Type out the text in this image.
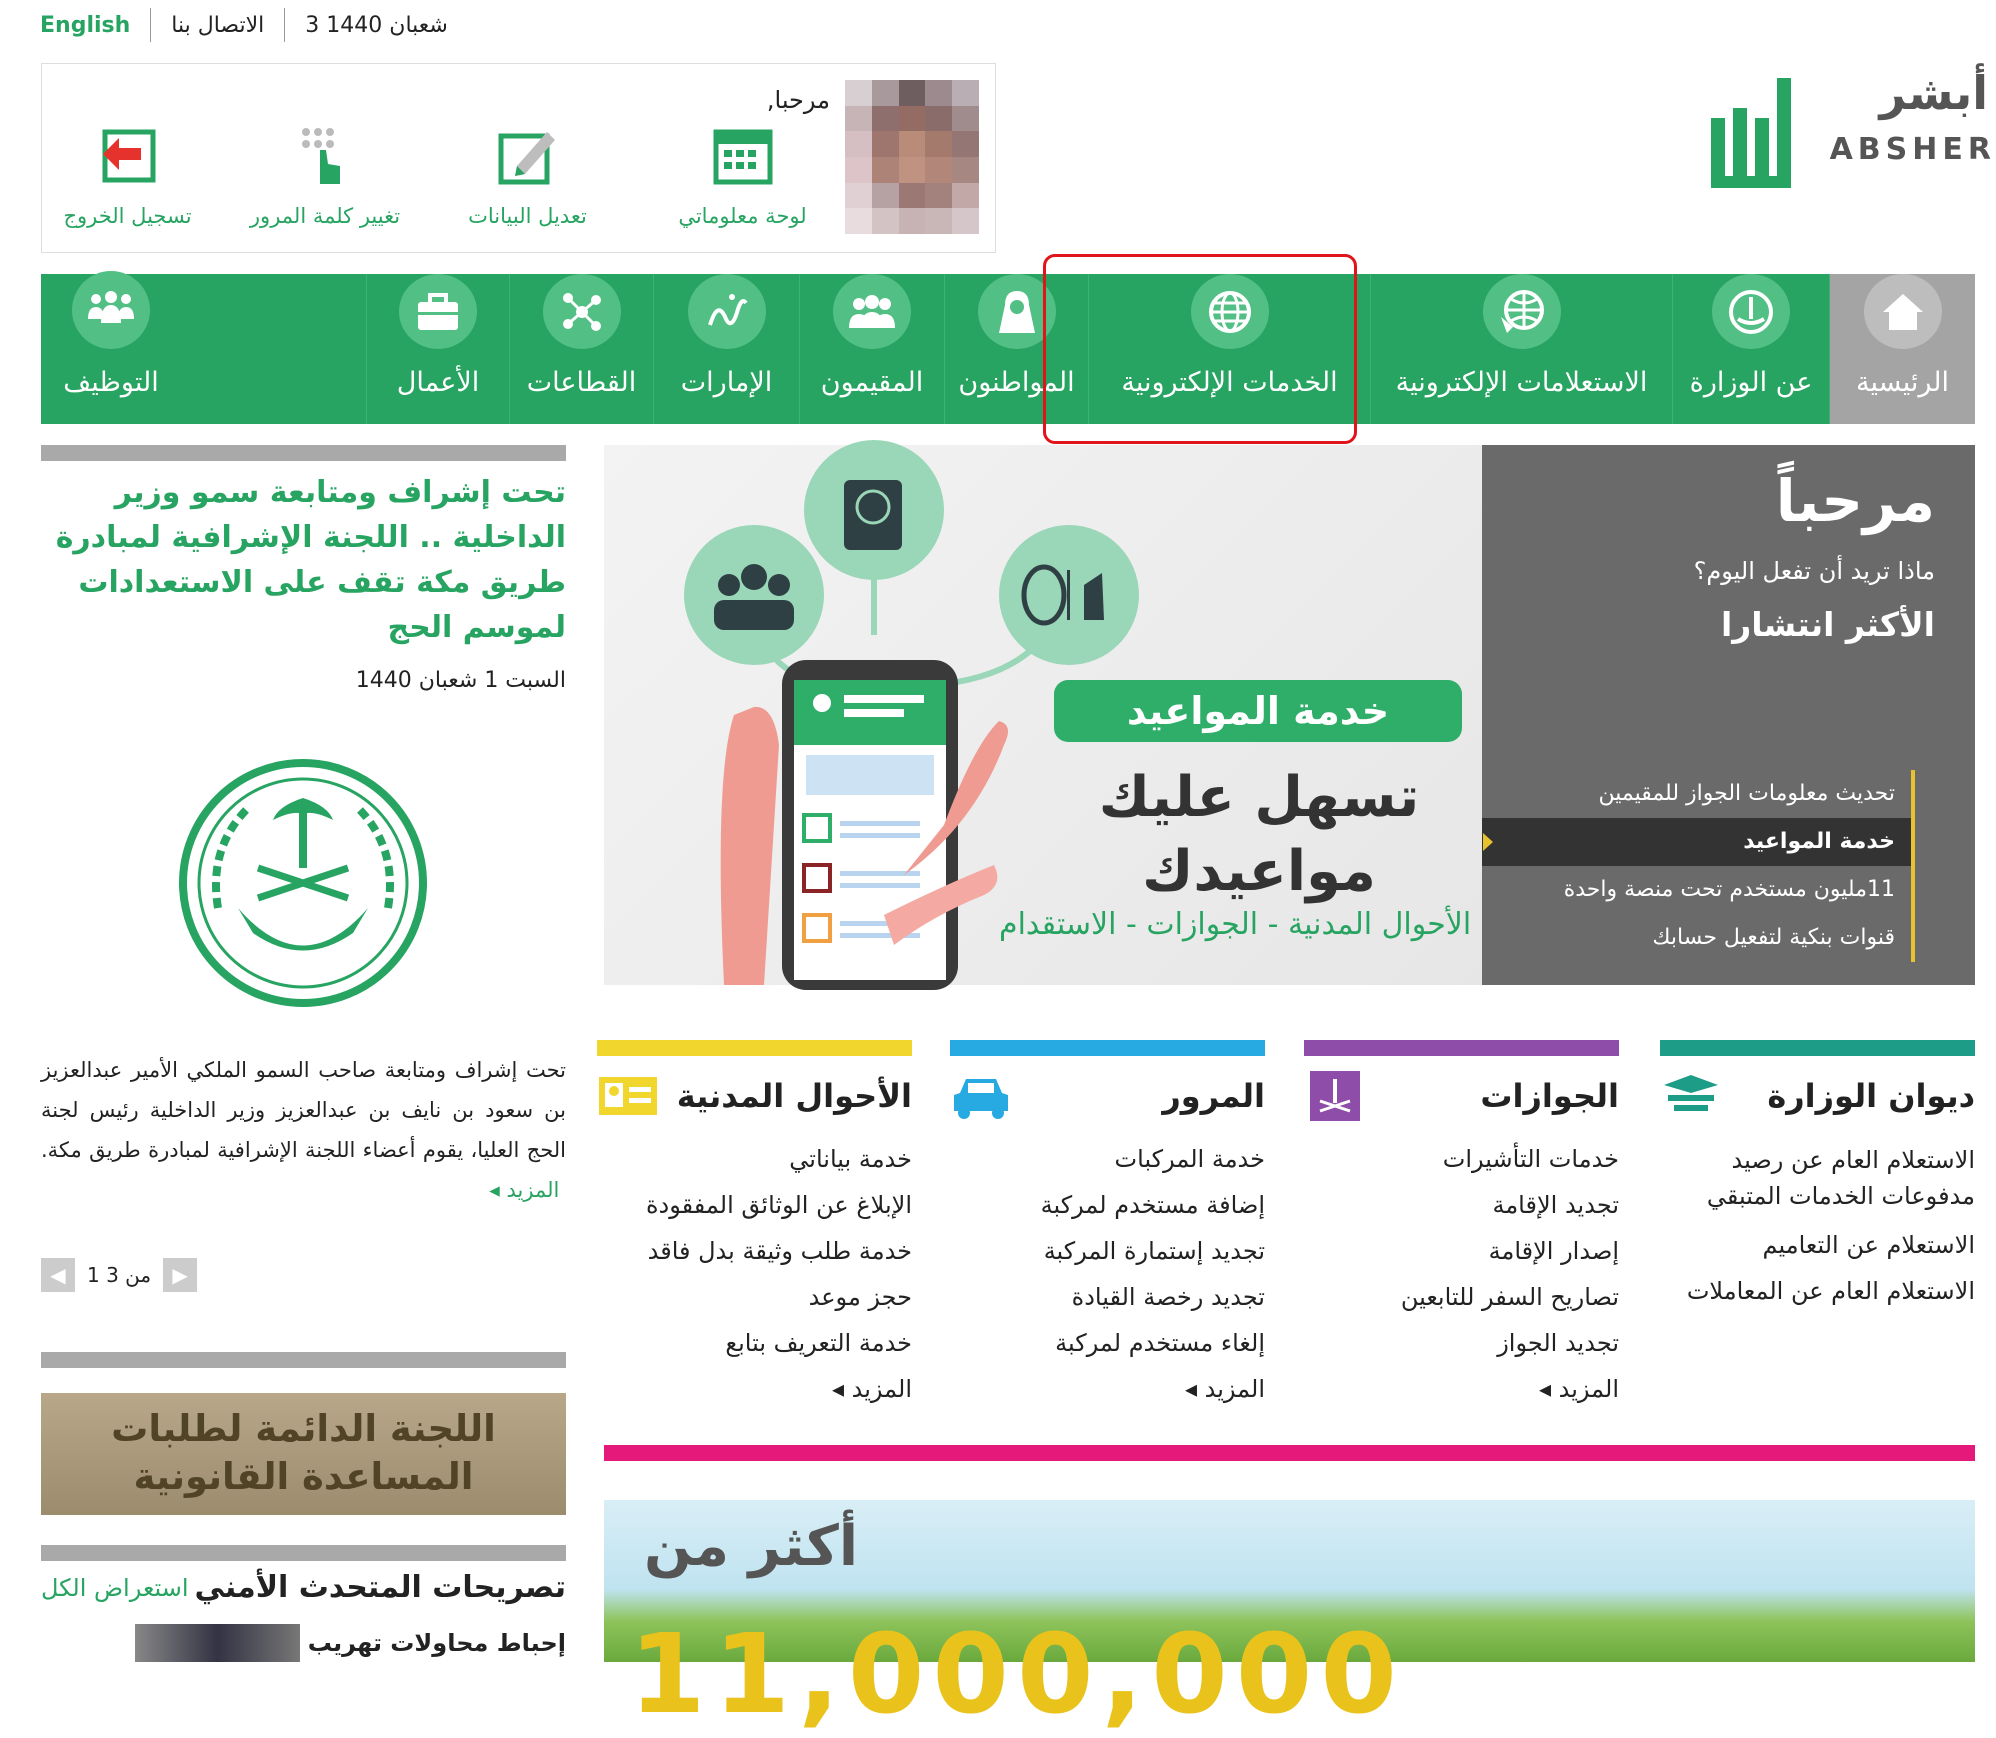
English	الاتصال بنا	3 شعبان 1440
أبشر
ABSHER
مرحبا,
لوحة معلوماتي
تعديل البيانات
تغيير كلمة المرور
تسجيل الخروج
الرئيسية
عن الوزارة
الاستعلامات الإلكترونية
الخدمات الإلكترونية
المواطنون
المقيمون
الإمارات
القطاعات
الأعمال
التوظيف
خدمة المواعيد
تسهل عليك مواعيدك
الأحوال المدنية - الجوازات - الاستقدام
مرحباً
ماذا تريد أن تفعل اليوم؟
الأكثر انتشارا
تحديث معلومات الجواز للمقيمين
خدمة المواعيد
11مليون مستخدم تحت منصة واحدة
قنوات بنكية لتفعيل حسابك
تحت إشراف ومتابعة سمو وزير الداخلية .. اللجنة الإشرافية لمبادرة طريق مكة تقف على الاستعدادات لموسم الحج
السبت 1 شعبان 1440
تحت إشراف ومتابعة صاحب السمو الملكي الأمير عبدالعزيز بن سعود بن نايف بن عبدالعزيز وزير الداخلية رئيس لجنة الحج العليا، يقوم أعضاء اللجنة الإشرافية لمبادرة طريق مكة.  المزيد ◂
◀	1 من 3	▶
اللجنة الدائمة لطلبات المساعدة القانونية
تصريحات المتحدث الأمني
استعراض الكل
إحباط محاولات تهريب
ديوان الوزارة
الاستعلام العام عن رصيد مدفوعات الخدمات المتبقي
الاستعلام عن التعاميم
الاستعلام العام عن المعاملات
الجوازات
خدمات التأشيرات
تجديد الإقامة
إصدار الإقامة
تصاريح السفر للتابعين
تجديد الجواز
المزيد ◂
المرور
خدمة المركبات
إضافة مستخدم لمركبة
تجديد إستمارة المركبة
تجديد رخصة القيادة
إلغاء مستخدم لمركبة
المزيد ◂
الأحوال المدنية
خدمة بياناتي
الإبلاغ عن الوثائق المفقودة
خدمة طلب وثيقة بدل فاقد
حجز موعد
خدمة التعريف بتابع
المزيد ◂
أكثر من
11,000,000
